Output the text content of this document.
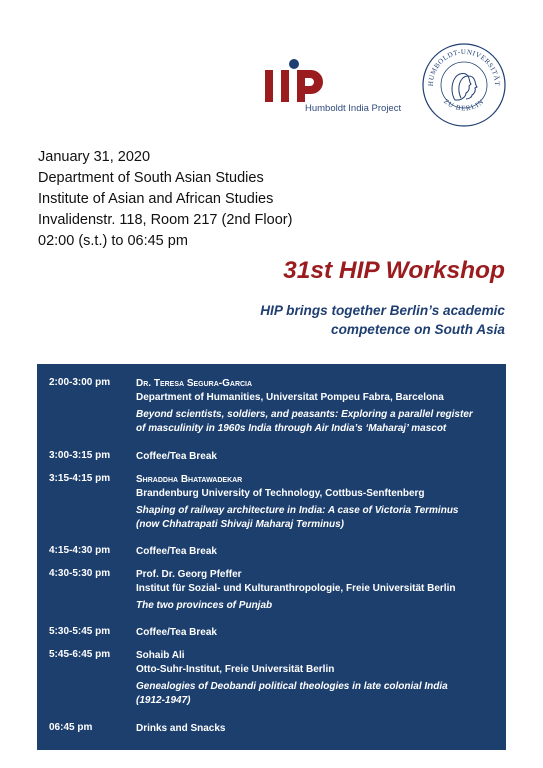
Humboldt India Project
HUMBOLDT-UNIVERSITÄT
ZU BERLIN
January 31, 2020
Department of South Asian Studies
Institute of Asian and African Studies
Invalidenstr. 118, Room 217 (2nd Floor)
02:00 (s.t.) to 06:45 pm
31st HIP Workshop
HIP brings together Berlin’s academic
competence on South Asia
2:00-3:00 pm	Dr. Teresa Segura-Garcia
Department of Humanities, Universitat Pompeu Fabra, Barcelona
Beyond scientists, soldiers, and peasants: Exploring a parallel register
of masculinity in 1960s India through Air India’s ‘Maharaj’ mascot
3:00-3:15 pm	Coffee/Tea Break
3:15-4:15 pm	Shraddha Bhatawadekar
Brandenburg University of Technology, Cottbus-Senftenberg
Shaping of railway architecture in India: A case of Victoria Terminus
(now Chhatrapati Shivaji Maharaj Terminus)
4:15-4:30 pm	Coffee/Tea Break
4:30-5:30 pm	Prof. Dr. Georg Pfeffer
Institut für Sozial- und Kulturanthropologie, Freie Universität Berlin
The two provinces of Punjab
5:30-5:45 pm	Coffee/Tea Break
5:45-6:45 pm	Sohaib Ali
Otto-Suhr-Institut, Freie Universität Berlin
Genealogies of Deobandi political theologies in late colonial India
(1912-1947)
06:45 pm	Drinks and Snacks
